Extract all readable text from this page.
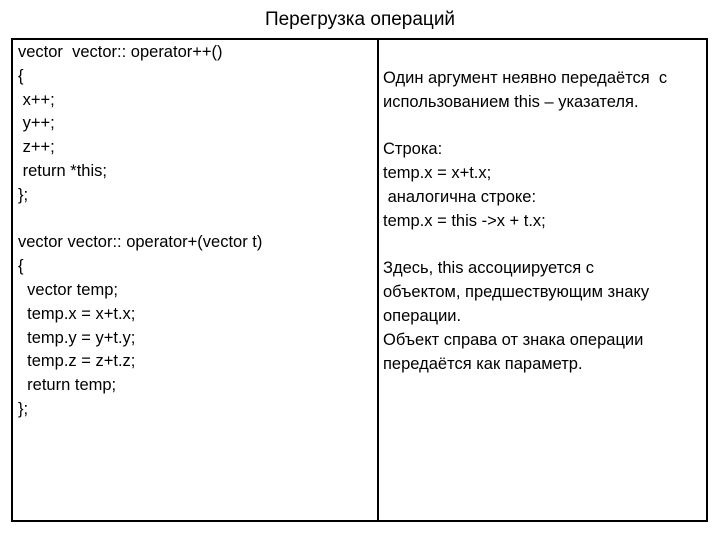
Перегрузка операций
vector  vector:: operator++()
{
x++;
y++;
z++;
return *this;
};
vector vector:: operator+(vector t)
{
vector temp;
temp.x = x+t.x;
temp.y = y+t.y;
temp.z = z+t.z;
return temp;
};
Один аргумент неявно передаётся  с
использованием this – указателя.
Строка:
temp.x = x+t.x;
аналогична строке:
temp.x = this ->x + t.x;
Здесь, this ассоциируется с
объектом, предшествующим знаку
операции.
Объект справа от знака операции
передаётся как параметр.
